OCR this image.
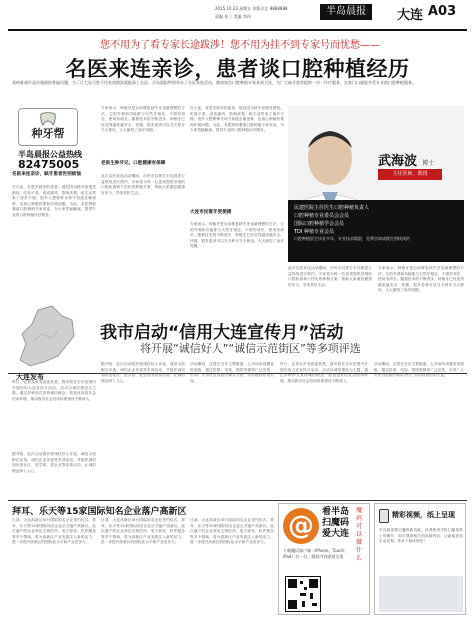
2015.10.23 星期五 本版关注 8888888
责编 张三 美编 李四	半岛晨报	大连 A03
您不用为了看专家长途跋涉！您不用为挂不到专家号而忧愁——
名医来连亲诊，患者谈口腔种植经历
看病难或许是你遇到的普遍问题，为了让大连百姓不用长途跋涉就能看上名医，半岛晨报特别举办了名医来连活动，邀请知名口腔种植专家来到大连，为广大缺牙患者提供一对一诊疗服务，在家门口就能享受专业的口腔种植服务。
种牙帮
半岛晨报公益热线
82475005
名医来连亲诊，缺牙患者告别烦恼
在大连，有很多缺牙的患者，他们因为缺牙而饱受困扰。吃饭不香、说话漏风、影响美观，给生活带来了诸多不便。很多人想要种牙却不知道去哪里种，也担心种植效果和价格问题。为此，本报特别邀请口腔种植专家来连，为大家答疑解惑，提供专业的口腔种植诊疗服务。
专家表示，种植牙是目前修复缺失牙齿最理想的方法，它的外观和功能都与天然牙相近，不损伤邻牙，使用寿命长。随着技术的不断进步，种植牙已经变得越来越安全、快捷，很多患者可以当天种牙当天使用，大大缩短了治疗周期。
老医生种牙记，口腔健康有保障
此次名医来连活动期间，市民可以拨打半岛晨报公益热线进行预约，专家将为每一位患者提供详细的口腔检查和个性化的种植方案，帮助大家重拾健康好牙口，享受美好生活。
在大连，有很多缺牙的患者，他们因为缺牙而饱受困扰。吃饭不香、说话漏风、影响美观，给生活带来了诸多不便。很多人想要种牙却不知道去哪里种，也担心种植效果和价格问题。为此，本报特别邀请口腔种植专家来连，为大家答疑解惑，提供专业的口腔种植诊疗服务。
大连市民看牙更便捷
专家表示，种植牙是目前修复缺失牙齿最理想的方法，它的外观和功能都与天然牙相近，不损伤邻牙，使用寿命长。随着技术的不断进步，种植牙已经变得越来越安全、快捷，很多患者可以当天种牙当天使用，大大缩短了治疗周期。
武海波 博士
主任医师、教授
民建医院主任医生口腔种植负责人
口腔种植专业委员会会员
国际口腔种植学会会员
TDI 种植专业会员
口腔种植医生执业多年，专业技术精湛，免费咨询请拨打热线预约
此次名医来连活动期间，市民可以拨打半岛晨报公益热线进行预约，专家将为每一位患者提供详细的口腔检查和个性化的种植方案，帮助大家重拾健康好牙口，享受美好生活。
专家表示，种植牙是目前修复缺失牙齿最理想的方法，它的外观和功能都与天然牙相近，不损伤邻牙，使用寿命长。随着技术的不断进步，种植牙已经变得越来越安全、快捷，很多患者可以当天种牙当天使用，大大缩短了治疗周期。
大连发布
我市启动“信用大连宣传月”活动
将开展“诚信好人”“诚信示范街区”等多项评选
昨日，记者从市发改委获悉，我市将在全市范围内开展信用大连宣传月活动，活动以诚信建设为主题，通过多种形式宣传诚信理念，营造良好的社会信用环境，推动我市社会信用体系建设不断深入。
据介绍，此次活动将开展诚信好人评选、诚信示范街区评选、诚信企业评选等多项活动，并组织诚信知识进社区、进学校、进企业等宣传活动，让诚信理念深入人心。
据介绍，此次活动将开展诚信好人评选、诚信示范街区评选、诚信企业评选等多项活动，并组织诚信知识进社区、进学校、进企业等宣传活动，让诚信理念深入人心。
活动期间，还将在全市主要街道、公共场所设置宣传展板，通过报纸、电视、网络等媒体广泛宣传，引导广大市民自觉践行诚实守信，共同建设信用大连。
昨日，记者从市发改委获悉，我市将在全市范围内开展信用大连宣传月活动，活动以诚信建设为主题，通过多种形式宣传诚信理念，营造良好的社会信用环境，推动我市社会信用体系建设不断深入。
活动期间，还将在全市主要街道、公共场所设置宣传展板，通过报纸、电视、网络等媒体广泛宣传，引导广大市民自觉践行诚实守信，共同建设信用大连。
拜耳、乐天等15家国际知名企业落户高新区
日前，大连高新区举行国际知名企业签约仪式，拜耳、乐天等15家国际知名企业正式落户高新区。此次落户的企业涉及生物医药、电子商务、软件服务等多个领域，将为高新区产业发展注入新的活力，进一步提升高新区的国际化水平和产业竞争力。
日前，大连高新区举行国际知名企业签约仪式，拜耳、乐天等15家国际知名企业正式落户高新区。此次落户的企业涉及生物医药、电子商务、软件服务等多个领域，将为高新区产业发展注入新的活力，进一步提升高新区的国际化水平和产业竞争力。
日前，大连高新区举行国际知名企业签约仪式，拜耳、乐天等15家国际知名企业正式落户高新区。此次落户的企业涉及生物医药、电子商务、软件服务等多个领域，将为高新区产业发展注入新的活力，进一步提升高新区的国际化水平和产业竞争力。
@ 看半岛 扫魔码 爱大连
魔码可以做什么
下载魔码客户端（iPhone、Touch、iPad）扫一扫，精彩内容即刻呈现
精彩视频，纸上呈现
半岛晨报推出魔码新功能，读者使用手机扫描报纸上的图片，即可观看相关的视频内容，让新闻更加生动直观。快来下载体验吧！
